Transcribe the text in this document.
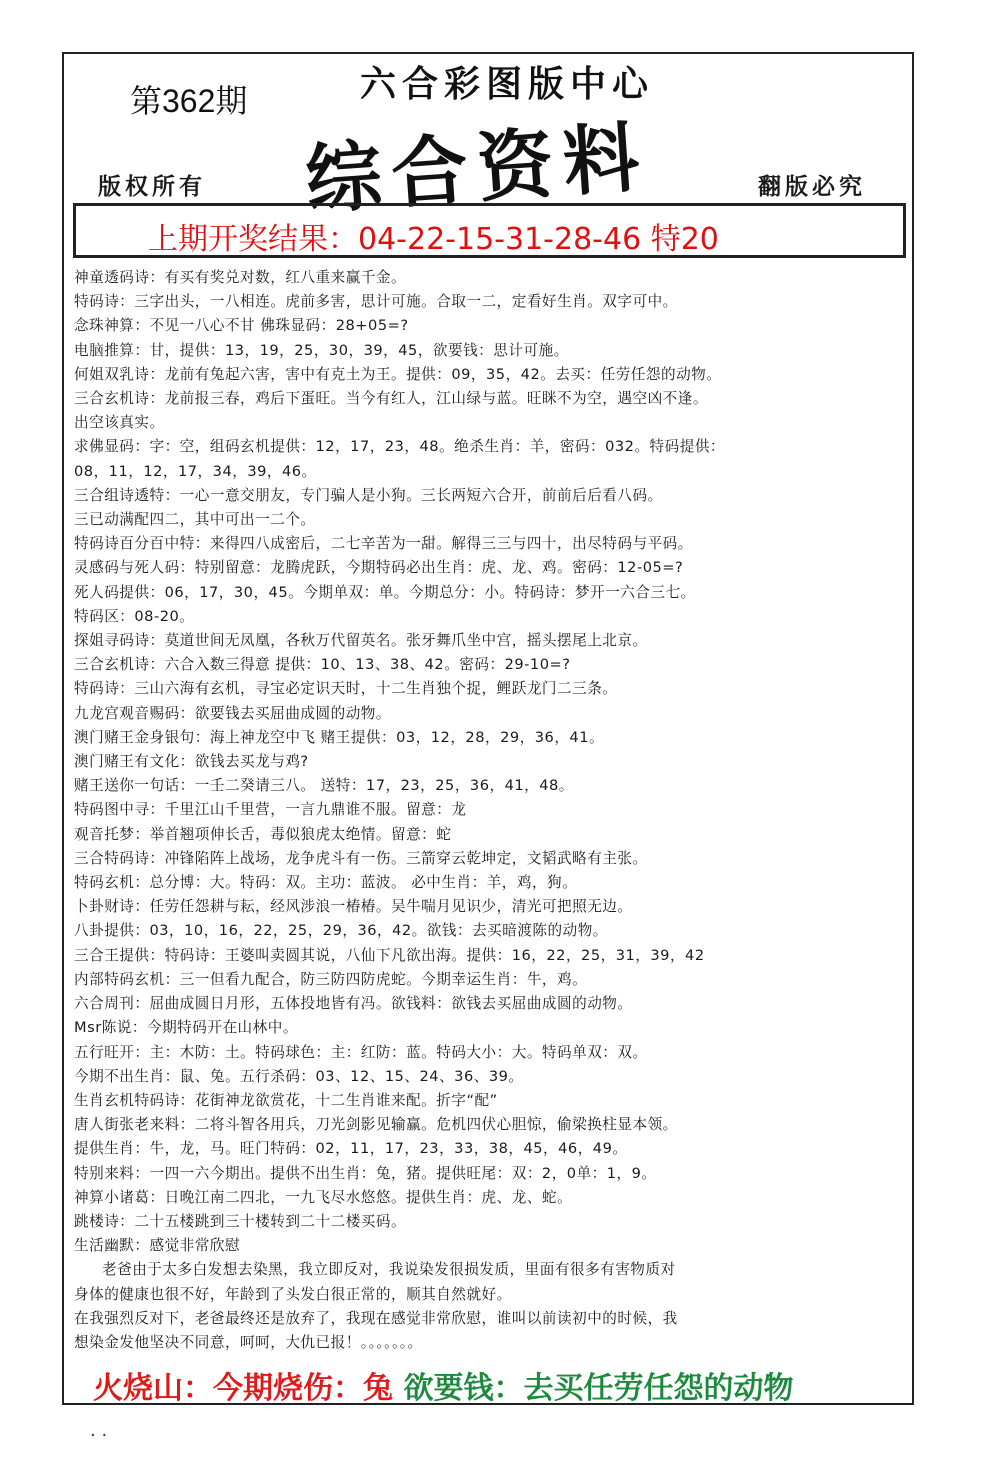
第362期	六合彩图版中心
综合资料
版权所有	翻版必究
上期开奖结果：04-22-15-31-28-46 特20
神童透码诗：有买有奖兑对数，红八重来赢千金。
特码诗：三字出头，一八相连。虎前多害，思计可施。合取一二，定看好生肖。双字可中。
念珠神算：不见一八心不甘 佛珠显码：28+05=?
电脑推算：甘，提供：13，19，25，30，39，45，欲要钱：思计可施。
何姐双乳诗：龙前有兔起六害，害中有克土为王。提供：09，35，42。去买：任劳任怨的动物。
三合玄机诗：龙前报三春，鸡后下蛋旺。当今有红人，江山绿与蓝。旺眯不为空，遇空凶不逢。
出空该真实。
求佛显码：字：空，组码玄机提供：12，17，23，48。绝杀生肖：羊，密码：032。特码提供：
08，11，12，17，34，39，46。
三合组诗透特：一心一意交朋友，专门骗人是小狗。三长两短六合开，前前后后看八码。
三已动满配四二，其中可出一二个。
特码诗百分百中特：来得四八成密后，二七辛苦为一甜。解得三三与四十，出尽特码与平码。
灵感码与死人码：特别留意：龙腾虎跃，今期特码必出生肖：虎、龙、鸡。密码：12-05=?
死人码提供：06，17，30，45。今期单双：单。今期总分：小。特码诗：梦开一六合三七。
特码区：08-20。
探姐寻码诗：莫道世间无凤凰，各秋万代留英名。张牙舞爪坐中宫，摇头摆尾上北京。
三合玄机诗：六合入数三得意 提供：10、13、38、42。密码：29-10=?
特码诗：三山六海有玄机，寻宝必定识天时，十二生肖独个捉，鲤跃龙门二三条。
九龙宫观音赐码：欲要钱去买屈曲成圆的动物。
澳门赌王金身银句：海上神龙空中飞 赌王提供：03，12，28，29，36，41。
澳门赌王有文化：欲钱去买龙与鸡?
赌王送你一句话：一壬二癸请三八。 送特：17，23，25，36，41，48。
特码图中寻：千里江山千里营，一言九鼎谁不服。留意：龙
观音托梦：举首翘项伸长舌，毒似狼虎太绝情。留意：蛇
三合特码诗：冲锋陷阵上战场，龙争虎斗有一伤。三箭穿云乾坤定，文韬武略有主张。
特码玄机：总分博：大。特码：双。主功：蓝波。 必中生肖：羊，鸡，狗。
卜卦财诗：任劳任怨耕与耘，经风涉浪一椿椿。吴牛喘月见识少，清光可把照无边。
八卦提供：03，10，16，22，25，29，36，42。欲钱：去买暗渡陈的动物。
三合王提供：特码诗：王婆叫卖圆其说，八仙下凡欲出海。提供：16，22，25，31，39，42
内部特码玄机：三一但看九配合，防三防四防虎蛇。今期幸运生肖：牛，鸡。
六合周刊：屈曲成圆日月形，五体投地皆有冯。欲钱料：欲钱去买屈曲成圆的动物。
Msr陈说：今期特码开在山林中。
五行旺开：主：木防：土。特码球色：主：红防：蓝。特码大小：大。特码单双：双。
今期不出生肖：鼠、兔。五行杀码：03、12、15、24、36、39。
生肖玄机特码诗：花街神龙欲赏花，十二生肖谁来配。折字“配”
唐人街张老来料：二将斗智各用兵，刀光剑影见输赢。危机四伏心胆惊，偷梁换柱显本领。
提供生肖：牛，龙，马。旺门特码：02，11，17，23，33，38，45，46，49。
特别来料：一四一六今期出。提供不出生肖：兔，猪。提供旺尾：双：2，0单：1，9。
神算小诸葛：日晚江南二四北，一九飞尽水悠悠。提供生肖：虎、龙、蛇。
跳楼诗：二十五楼跳到三十楼转到二十二楼买码。
生活幽默：感觉非常欣慰
老爸由于太多白发想去染黑，我立即反对，我说染发很损发质，里面有很多有害物质对
身体的健康也很不好，年龄到了头发白很正常的，顺其自然就好。
在我强烈反对下，老爸最终还是放弃了，我现在感觉非常欣慰，谁叫以前读初中的时候，我
想染金发他坚决不同意，呵呵，大仇已报！。。。。。。。
火烧山：今期烧伤：兔 欲要钱：去买任劳任怨的动物
. .
